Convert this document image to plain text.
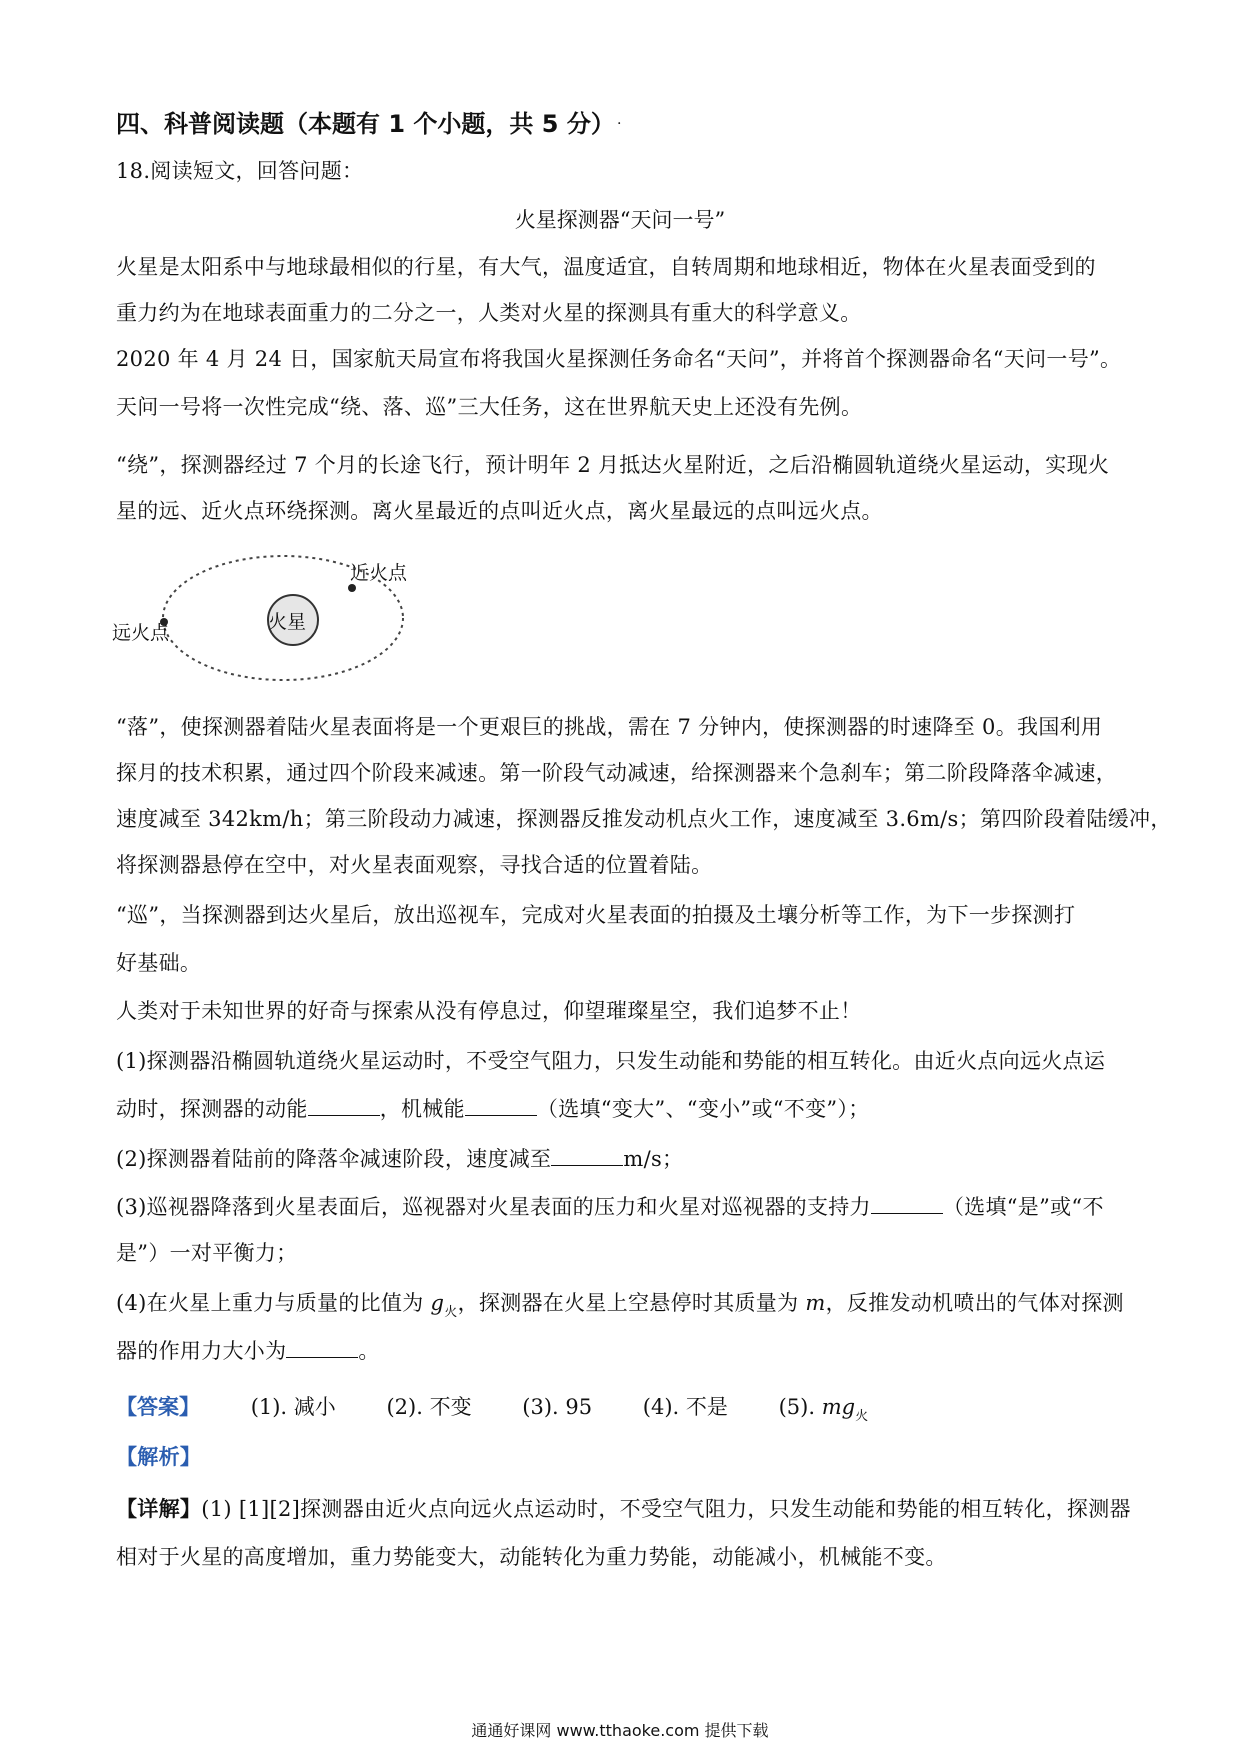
四、科普阅读题（本题有 1 个小题，共 5 分） .
18.阅读短文，回答问题：
火星探测器“天问一号”
火星是太阳系中与地球最相似的行星，有大气，温度适宜，自转周期和地球相近，物体在火星表面受到的
重力约为在地球表面重力的二分之一，人类对火星的探测具有重大的科学意义。
2020 年 4 月 24 日，国家航天局宣布将我国火星探测任务命名“天问”，并将首个探测器命名“天问一号”。
天问一号将一次性完成“绕、落、巡”三大任务，这在世界航天史上还没有先例。
“绕”，探测器经过 7 个月的长途飞行，预计明年 2 月抵达火星附近，之后沿椭圆轨道绕火星运动，实现火
星的远、近火点环绕探测。离火星最近的点叫近火点，离火星最远的点叫远火点。
火星
近火点
远火点
“落”，使探测器着陆火星表面将是一个更艰巨的挑战，需在 7 分钟内，使探测器的时速降至 0。我国利用
探月的技术积累，通过四个阶段来减速。第一阶段气动减速，给探测器来个急刹车；第二阶段降落伞减速，
速度减至 342km/h；第三阶段动力减速，探测器反推发动机点火工作，速度减至 3.6m/s；第四阶段着陆缓冲，
将探测器悬停在空中，对火星表面观察，寻找合适的位置着陆。
“巡”，当探测器到达火星后，放出巡视车，完成对火星表面的拍摄及土壤分析等工作，为下一步探测打
好基础。
人类对于未知世界的好奇与探索从没有停息过，仰望璀璨星空，我们追梦不止！
(1)探测器沿椭圆轨道绕火星运动时，不受空气阻力，只发生动能和势能的相互转化。由近火点向远火点运
动时，探测器的动能	，机械能	（选填“变大”、“变小”或“不变”）；
(2)探测器着陆前的降落伞减速阶段，速度减至	m/s；
(3)巡视器降落到火星表面后，巡视器对火星表面的压力和火星对巡视器的支持力	（选填“是”或“不
是”）一对平衡力；
(4)在火星上重力与质量的比值为 $g_火$，探测器在火星上空悬停时其质量为 m，反推发动机喷出的气体对探测
器的作用力大小为	。
【答案】 (1). 减小 (2). 不变 (3). 95 (4). 不是 (5). $mg_火$
【解析】
【详解】(1) [1][2]探测器由近火点向远火点运动时，不受空气阻力，只发生动能和势能的相互转化，探测器
相对于火星的高度增加，重力势能变大，动能转化为重力势能，动能减小，机械能不变。
通通好课网 www.tthaoke.com 提供下载
